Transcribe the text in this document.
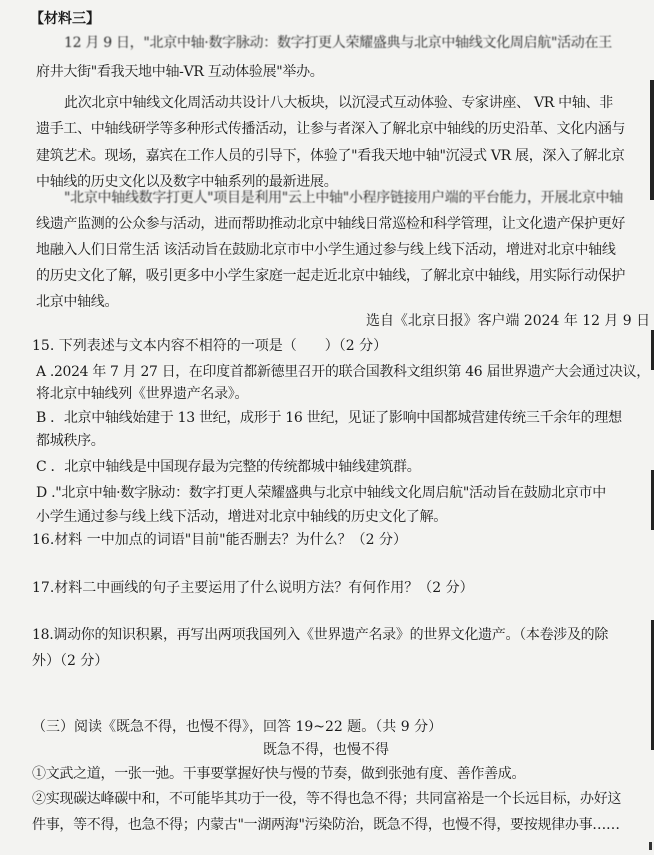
【材料三】
12 月 9 日，"北京中轴·数字脉动：数字打更人荣耀盛典与北京中轴线文化周启航"活动在王
府井大街"看我天地中轴-VR 互动体验展"举办。
此次北京中轴线文化周活动共设计八大板块，以沉浸式互动体验、专家讲座、 VR 中轴、非
遗手工、中轴线研学等多种形式传播活动，让参与者深入了解北京中轴线的历史沿革、文化内涵与
建筑艺术。现场，嘉宾在工作人员的引导下，体验了"看我天地中轴"沉浸式 VR 展，深入了解北京
中轴线的历史文化以及数字中轴系列的最新进展。
"北京中轴线数字打更人"项目是利用"云上中轴"小程序链接用户端的平台能力，开展北京中轴
线遗产监测的公众参与活动，进而帮助推动北京中轴线日常巡检和科学管理，让文化遗产保护更好
地融入人们日常生活 该活动旨在鼓励北京市中小学生通过参与线上线下活动，增进对北京中轴线
的历史文化了解，吸引更多中小学生家庭一起走近北京中轴线，了解北京中轴线，用实际行动保护
北京中轴线。
选自《北京日报》客户端 2024 年 12 月 9 日
15. 下列表述与文本内容不相符的一项是（　　）（2 分）
A .2024 年 7 月 27 日，在印度首都新德里召开的联合国教科文组织第 46 届世界遗产大会通过决议，
将北京中轴线列《世界遗产名录》。
B ．北京中轴线始建于 13 世纪，成形于 16 世纪，见证了影响中国都城营建传统三千余年的理想
都城秩序。
C ．北京中轴线是中国现存最为完整的传统都城中轴线建筑群。
D ."北京中轴·数字脉动：数字打更人荣耀盛典与北京中轴线文化周启航"活动旨在鼓励北京市中
小学生通过参与线上线下活动，增进对北京中轴线的历史文化了解。
16.材料 一中加点的词语"目前"能否删去？为什么？（2 分）
17.材料二中画线的句子主要运用了什么说明方法？有何作用？（2 分）
18.调动你的知识积累，再写出两项我国列入《世界遗产名录》的世界文化遗产。（本卷涉及的除
外）（2 分）
（三）阅读《既急不得，也慢不得》，回答 19~22 题。（共 9 分）
既急不得，也慢不得
①文武之道，一张一弛。干事要掌握好快与慢的节奏，做到张弛有度、善作善成。
②实现碳达峰碳中和，不可能毕其功于一役，等不得也急不得；共同富裕是一个长远目标，办好这
件事，等不得，也急不得；内蒙古"一湖两海"污染防治，既急不得，也慢不得，要按规律办事……
